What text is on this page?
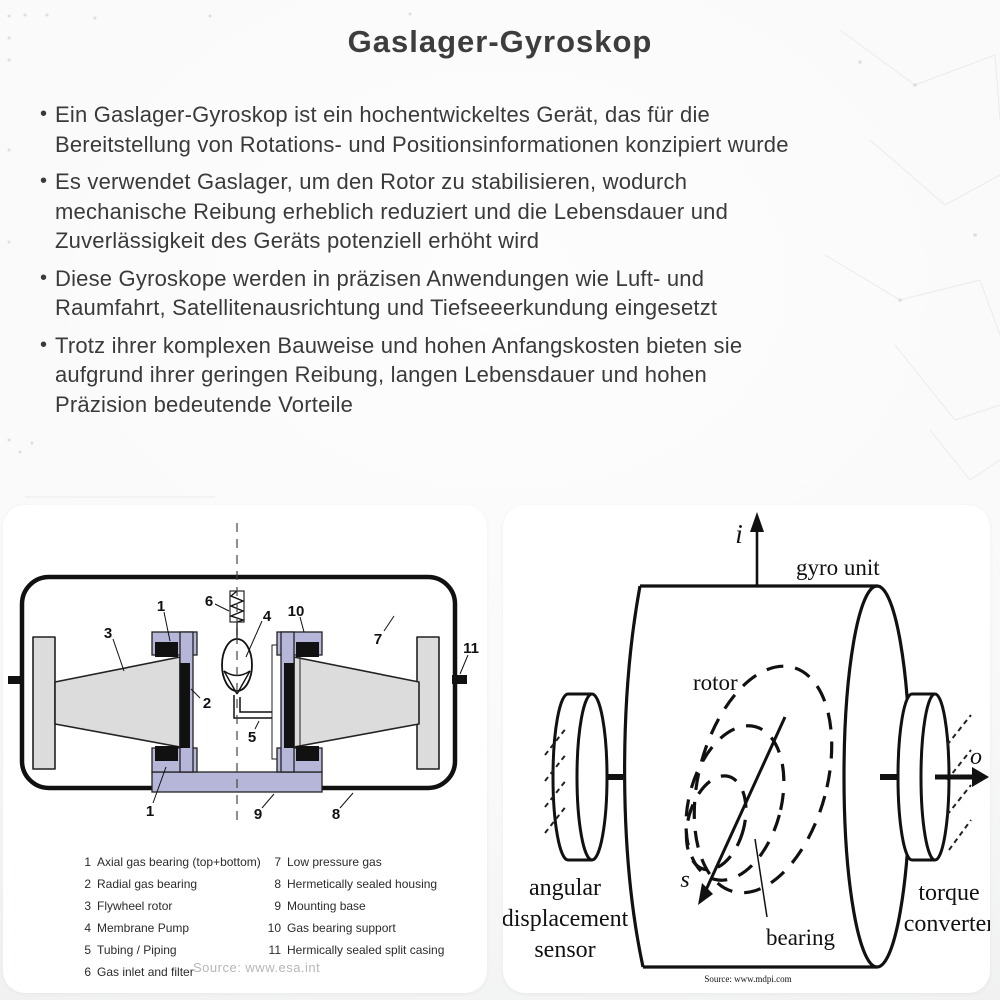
Gaslager-Gyroskop
•
Ein Gaslager-Gyroskop ist ein hochentwickeltes Gerät, das für die
Bereitstellung von Rotations- und Positionsinformationen konzipiert wurde
•
Es verwendet Gaslager, um den Rotor zu stabilisieren, wodurch
mechanische Reibung erheblich reduziert und die Lebensdauer und
Zuverlässigkeit des Geräts potenziell erhöht wird
•
Diese Gyroskope werden in präzisen Anwendungen wie Luft- und
Raumfahrt, Satellitenausrichtung und Tiefseeerkundung eingesetzt
•
Trotz ihrer komplexen Bauweise und hohen Anfangskosten bieten sie
aufgrund ihrer geringen Reibung, langen Lebensdauer und hohen
Präzision bedeutende Vorteile
3
1	6
4 10
7
11
2
5
1	9	8
1 Axial gas bearing (top+bottom)
2 Radial gas bearing
3 Flywheel rotor
4 Membrane Pump
5 Tubing / Piping
6 Gas inlet and filter
7 Low pressure gas
8 Hermetically sealed housing
9 Mounting base
10 Gas bearing support
11 Hermically sealed split casing
Source: www.esa.int
i
gyro unit
s
rotor
bearing
angular
displacement
sensor
o
torque
converter
Source: www.mdpi.com
